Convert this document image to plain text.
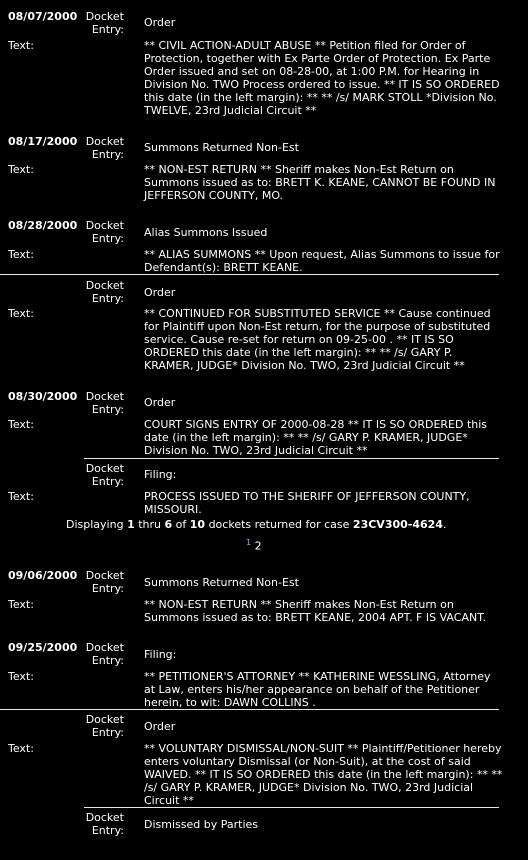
08/07/2000 Docket
Entry:
Order
Text:	** CIVIL ACTION-ADULT ABUSE ** Petition filed for Order of Protection, together with Ex Parte Order of Protection. Ex Parte Order issued and set on 08-28-00, at 1:00 P.M. for Hearing in Division No. TWO Process ordered to issue. ** IT IS SO ORDERED this date (in the left margin): ** ** /s/ MARK STOLL *Division No. TWELVE, 23rd Judicial Circuit **
08/17/2000 Docket
Entry:
Summons Returned Non-Est
Text:	** NON-EST RETURN ** Sheriff makes Non-Est Return on Summons issued as to: BRETT K. KEANE, CANNOT BE FOUND IN JEFFERSON COUNTY, MO.
08/28/2000 Docket
Entry: Alias Summons Issued
Text:	** ALIAS SUMMONS ** Upon request, Alias Summons to issue for Defendant(s): BRETT KEANE.
Docket
Entry: Order
Text:	** CONTINUED FOR SUBSTITUTED SERVICE ** Cause continued for Plaintiff upon Non-Est return, for the purpose of substituted service. Cause re-set for return on 09-25-00 . ** IT IS SO ORDERED this date (in the left margin): ** ** /s/ GARY P. KRAMER, JUDGE* Division No. TWO, 23rd Judicial Circuit **
08/30/2000 Docket
Entry:
Order
Text:	COURT SIGNS ENTRY OF 2000-08-28 ** IT IS SO ORDERED this date (in the left margin): ** ** /s/ GARY P. KRAMER, JUDGE* Division No. TWO, 23rd Judicial Circuit **
Docket
Entry:
Filing:
Text:	PROCESS ISSUED TO THE SHERIFF OF JEFFERSON COUNTY, MISSOURI.
Displaying 1 thru 6 of 10 dockets returned for case 23CV300-4624.
$^1$ 2
09/06/2000 Docket
Entry: Summons Returned Non-Est
Text:	** NON-EST RETURN ** Sheriff makes Non-Est Return on Summons issued as to: BRETT KEANE, 2004 APT. F IS VACANT.
09/25/2000 Docket
Entry: Filing:
Text:	** PETITIONER'S ATTORNEY ** KATHERINE WESSLING, Attorney at Law, enters his/her appearance on behalf of the Petitioner herein, to wit: DAWN COLLINS .
Docket
Entry: Order
Text:	** VOLUNTARY DISMISSAL/NON-SUIT ** Plaintiff/Petitioner hereby enters voluntary Dismissal (or Non-Suit), at the cost of said WAIVED. ** IT IS SO ORDERED this date (in the left margin): ** ** /s/ GARY P. KRAMER, JUDGE* Division No. TWO, 23rd Judicial Circuit **
Docket
Entry: Dismissed by Parties
